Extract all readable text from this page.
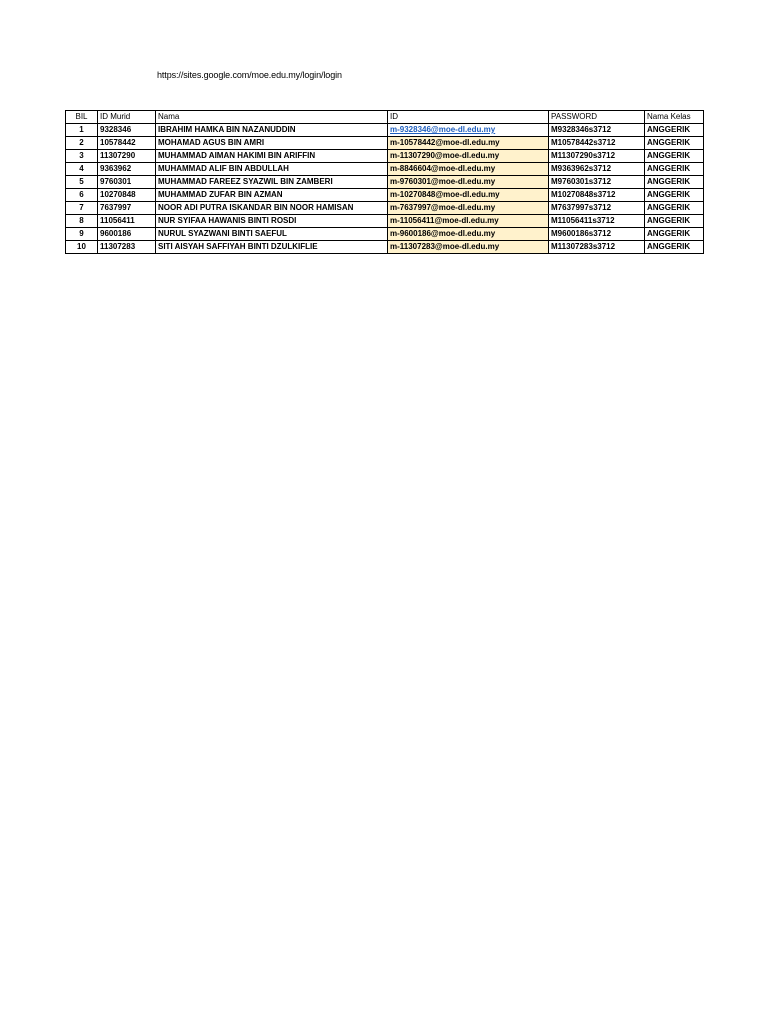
https://sites.google.com/moe.edu.my/login/login
BIL	ID Murid	Nama	ID	PASSWORD	Nama Kelas
1	9328346	IBRAHIM HAMKA BIN NAZANUDDIN	m-9328346@moe-dl.edu.my	M9328346s3712	ANGGERIK
2	10578442	MOHAMAD AGUS BIN AMRI	m-10578442@moe-dl.edu.my	M10578442s3712	ANGGERIK
3	11307290	MUHAMMAD AIMAN HAKIMI BIN ARIFFIN	m-11307290@moe-dl.edu.my	M11307290s3712	ANGGERIK
4	9363962	MUHAMMAD ALIF BIN ABDULLAH	m-8846604@moe-dl.edu.my	M9363962s3712	ANGGERIK
5	9760301	MUHAMMAD FAREEZ SYAZWIL BIN ZAMBERI	m-9760301@moe-dl.edu.my	M9760301s3712	ANGGERIK
6	10270848	MUHAMMAD ZUFAR BIN AZMAN	m-10270848@moe-dl.edu.my	M10270848s3712	ANGGERIK
7	7637997	NOOR ADI PUTRA ISKANDAR BIN NOOR HAMISAN	m-7637997@moe-dl.edu.my	M7637997s3712	ANGGERIK
8	11056411	NUR SYIFAA HAWANIS BINTI ROSDI	m-11056411@moe-dl.edu.my	M11056411s3712	ANGGERIK
9	9600186	NURUL SYAZWANI BINTI SAEFUL	m-9600186@moe-dl.edu.my	M9600186s3712	ANGGERIK
10	11307283	SITI AISYAH SAFFIYAH BINTI DZULKIFLIE	m-11307283@moe-dl.edu.my	M11307283s3712	ANGGERIK
